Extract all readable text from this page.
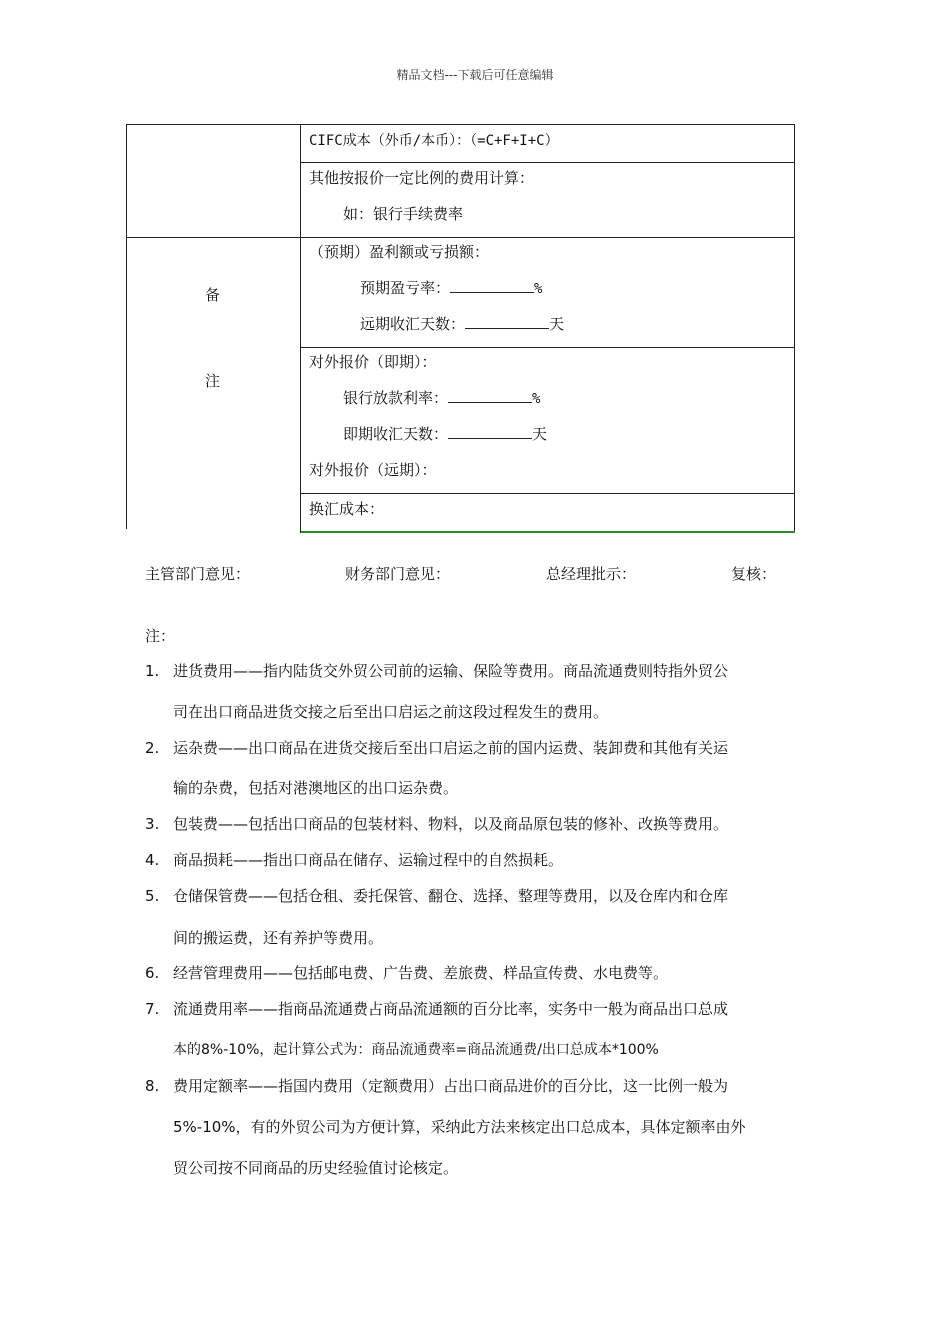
精品文档---下载后可任意编辑
备
注
CIFC成本（外币/本币）：（=C+F+I+C）
其他按报价一定比例的费用计算：
如：银行手续费率
（预期）盈利额或亏损额：
预期盈亏率：	%
远期收汇天数：	天
对外报价（即期）：
银行放款利率：	%
即期收汇天数：	天
对外报价（远期）：
换汇成本：
主管部门意见：	财务部门意见：	总经理批示：	复核：
注：
1. 进货费用——指内陆货交外贸公司前的运输、保险等费用。商品流通费则特指外贸公
司在出口商品进货交接之后至出口启运之前这段过程发生的费用。
2. 运杂费——出口商品在进货交接后至出口启运之前的国内运费、装卸费和其他有关运
输的杂费，包括对港澳地区的出口运杂费。
3. 包装费——包括出口商品的包装材料、物料，以及商品原包装的修补、改换等费用。
4. 商品损耗——指出口商品在储存、运输过程中的自然损耗。
5. 仓储保管费——包括仓租、委托保管、翻仓、选择、整理等费用，以及仓库内和仓库
间的搬运费，还有养护等费用。
6. 经营管理费用——包括邮电费、广告费、差旅费、样品宣传费、水电费等。
7. 流通费用率——指商品流通费占商品流通额的百分比率，实务中一般为商品出口总成
本的8%-10%，起计算公式为：商品流通费率=商品流通费/出口总成本*100%
8. 费用定额率——指国内费用（定额费用）占出口商品进价的百分比，这一比例一般为
5%-10%，有的外贸公司为方便计算，采纳此方法来核定出口总成本，具体定额率由外
贸公司按不同商品的历史经验值讨论核定。
